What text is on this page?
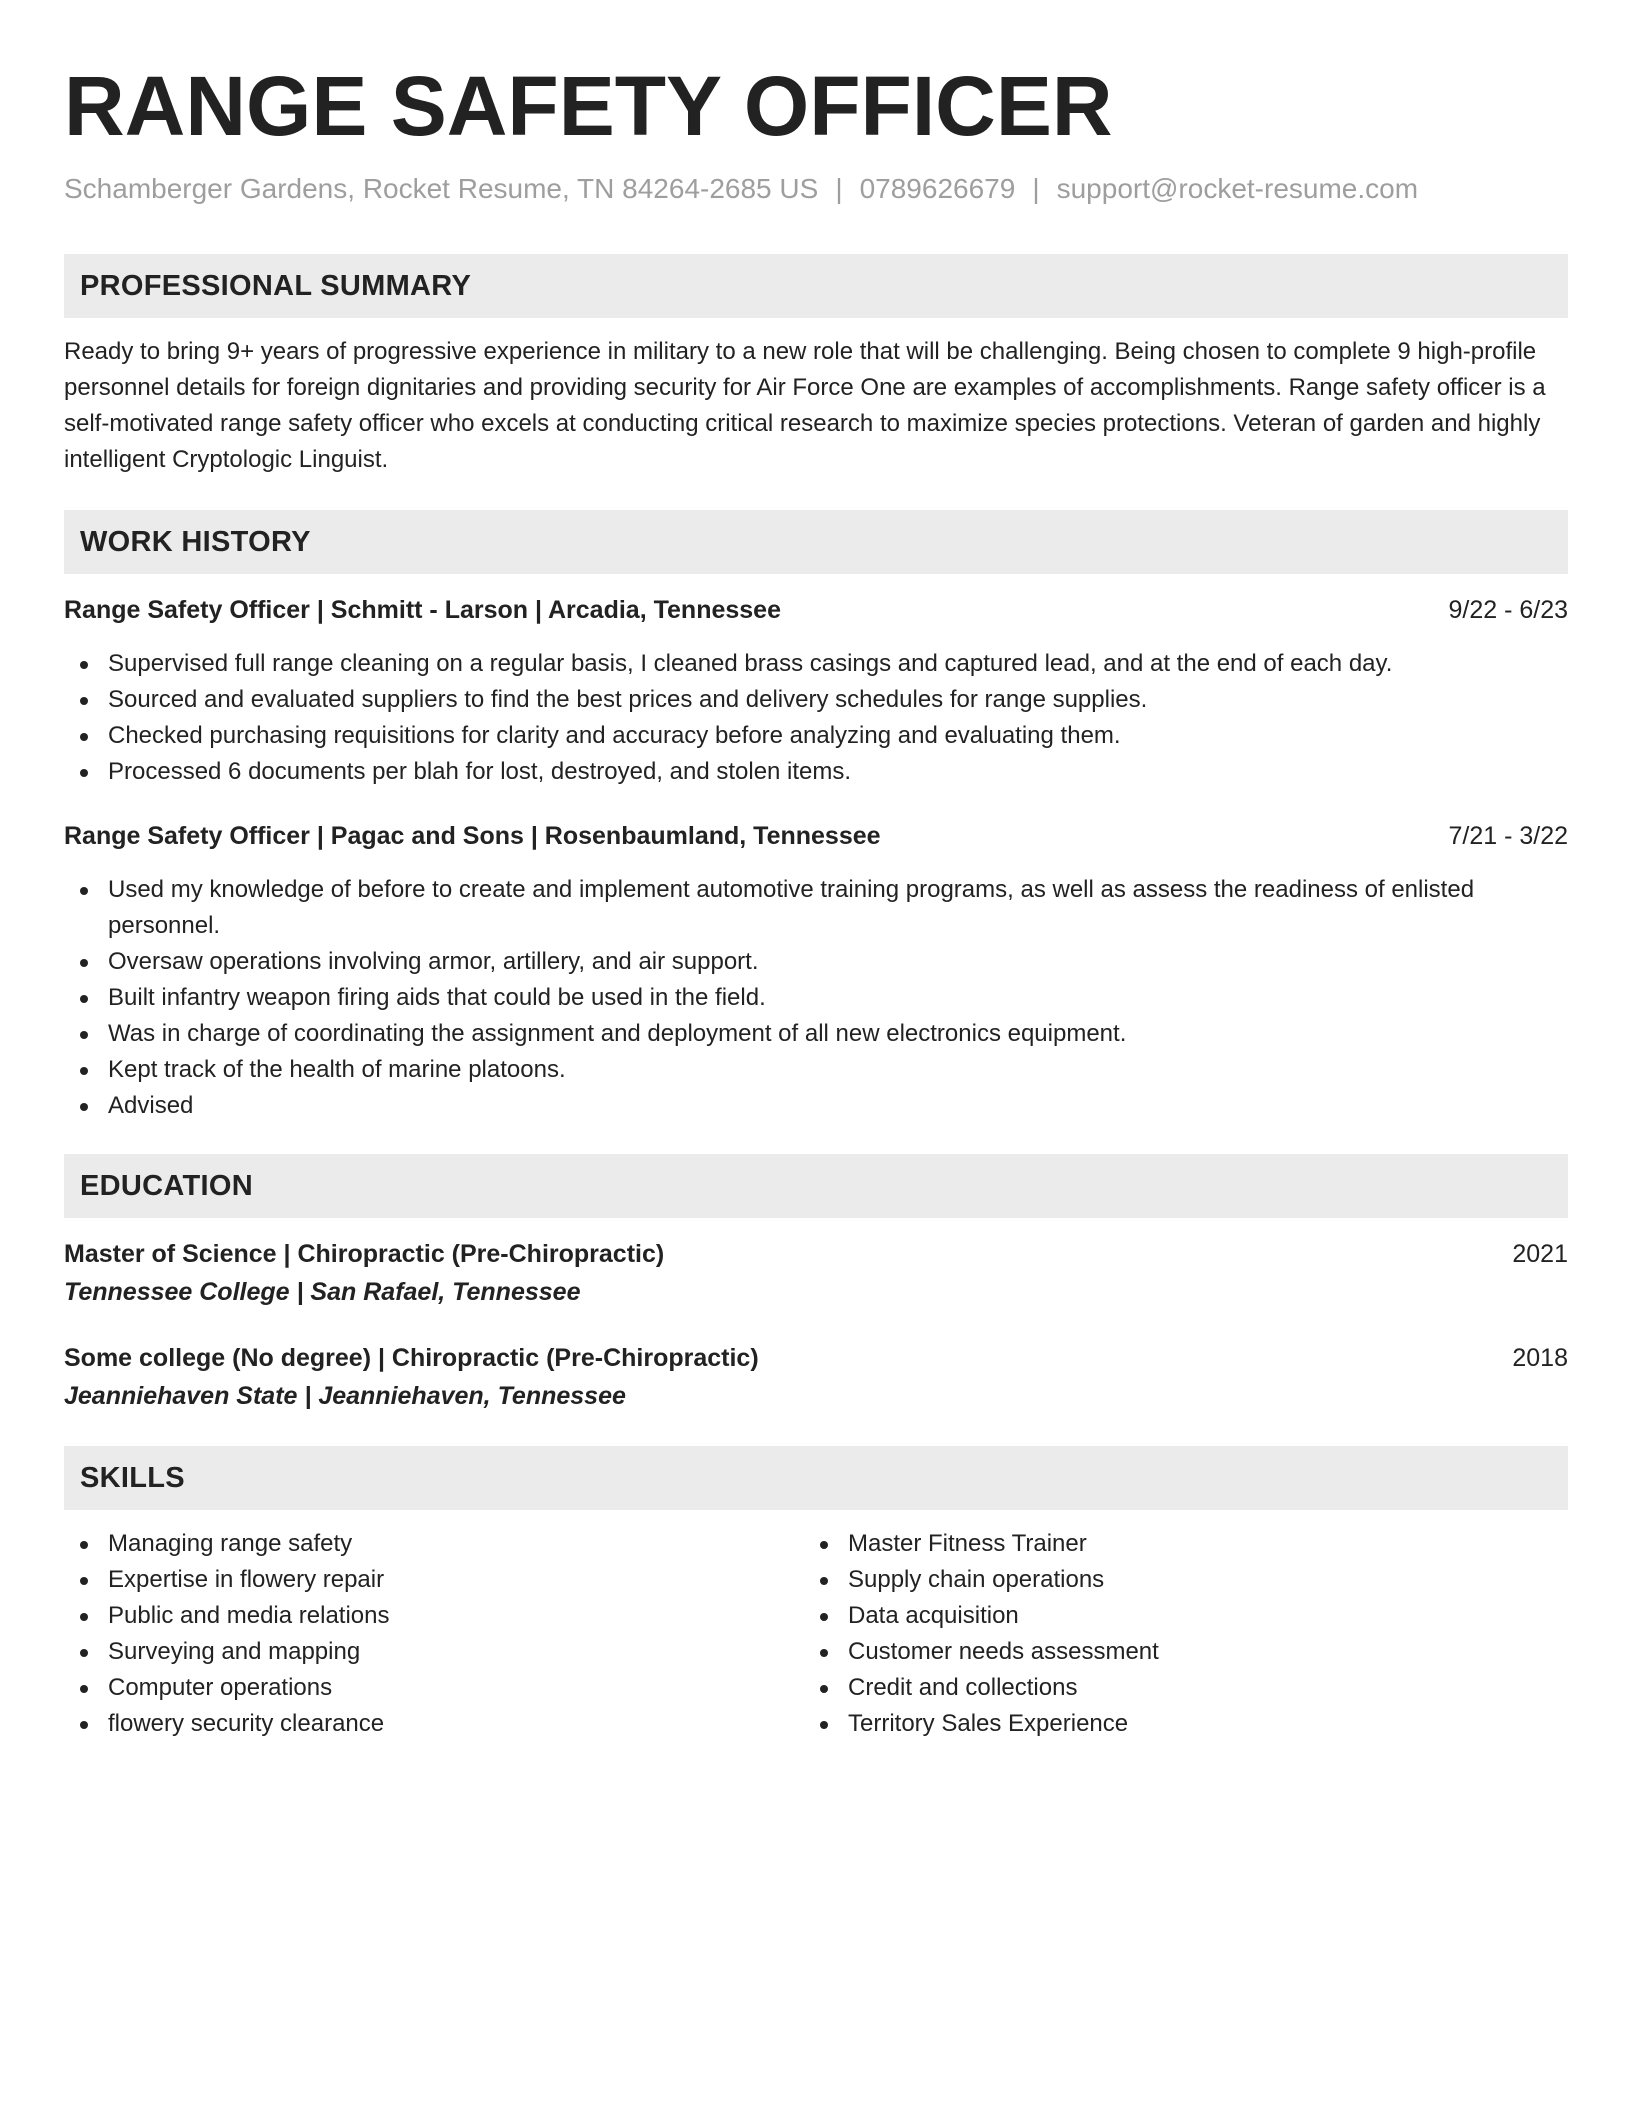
RANGE SAFETY OFFICER
Schamberger Gardens, Rocket Resume, TN 84264-2685 US | 0789626679 | support@rocket-resume.com
PROFESSIONAL SUMMARY

Ready to bring 9+ years of progressive experience in military to a new role that will be challenging. Being chosen to complete 9 high-profile personnel details for foreign dignitaries and providing security for Air Force One are examples of accomplishments. Range safety officer is a self-motivated range safety officer who excels at conducting critical research to maximize species protections. Veteran of garden and highly intelligent Cryptologic Linguist.

WORK HISTORY
Range Safety Officer | Schmitt - Larson | Arcadia, Tennessee	9/22 - 6/23
Supervised full range cleaning on a regular basis, I cleaned brass casings and captured lead, and at the end of each day.
Sourced and evaluated suppliers to find the best prices and delivery schedules for range supplies.
Checked purchasing requisitions for clarity and accuracy before analyzing and evaluating them.
Processed 6 documents per blah for lost, destroyed, and stolen items.
Range Safety Officer | Pagac and Sons | Rosenbaumland, Tennessee	7/21 - 3/22
Used my knowledge of before to create and implement automotive training programs, as well as assess the readiness of enlisted personnel.
Oversaw operations involving armor, artillery, and air support.
Built infantry weapon firing aids that could be used in the field.
Was in charge of coordinating the assignment and deployment of all new electronics equipment.
Kept track of the health of marine platoons.
Advised
EDUCATION
Master of Science | Chiropractic (Pre-Chiropractic)	2021
Tennessee College | San Rafael, Tennessee
Some college (No degree) | Chiropractic (Pre-Chiropractic)	2018
Jeanniehaven State | Jeanniehaven, Tennessee
SKILLS
Managing range safety
Expertise in flowery repair
Public and media relations
Surveying and mapping
Computer operations
flowery security clearance
Master Fitness Trainer
Supply chain operations
Data acquisition
Customer needs assessment
Credit and collections
Territory Sales Experience
